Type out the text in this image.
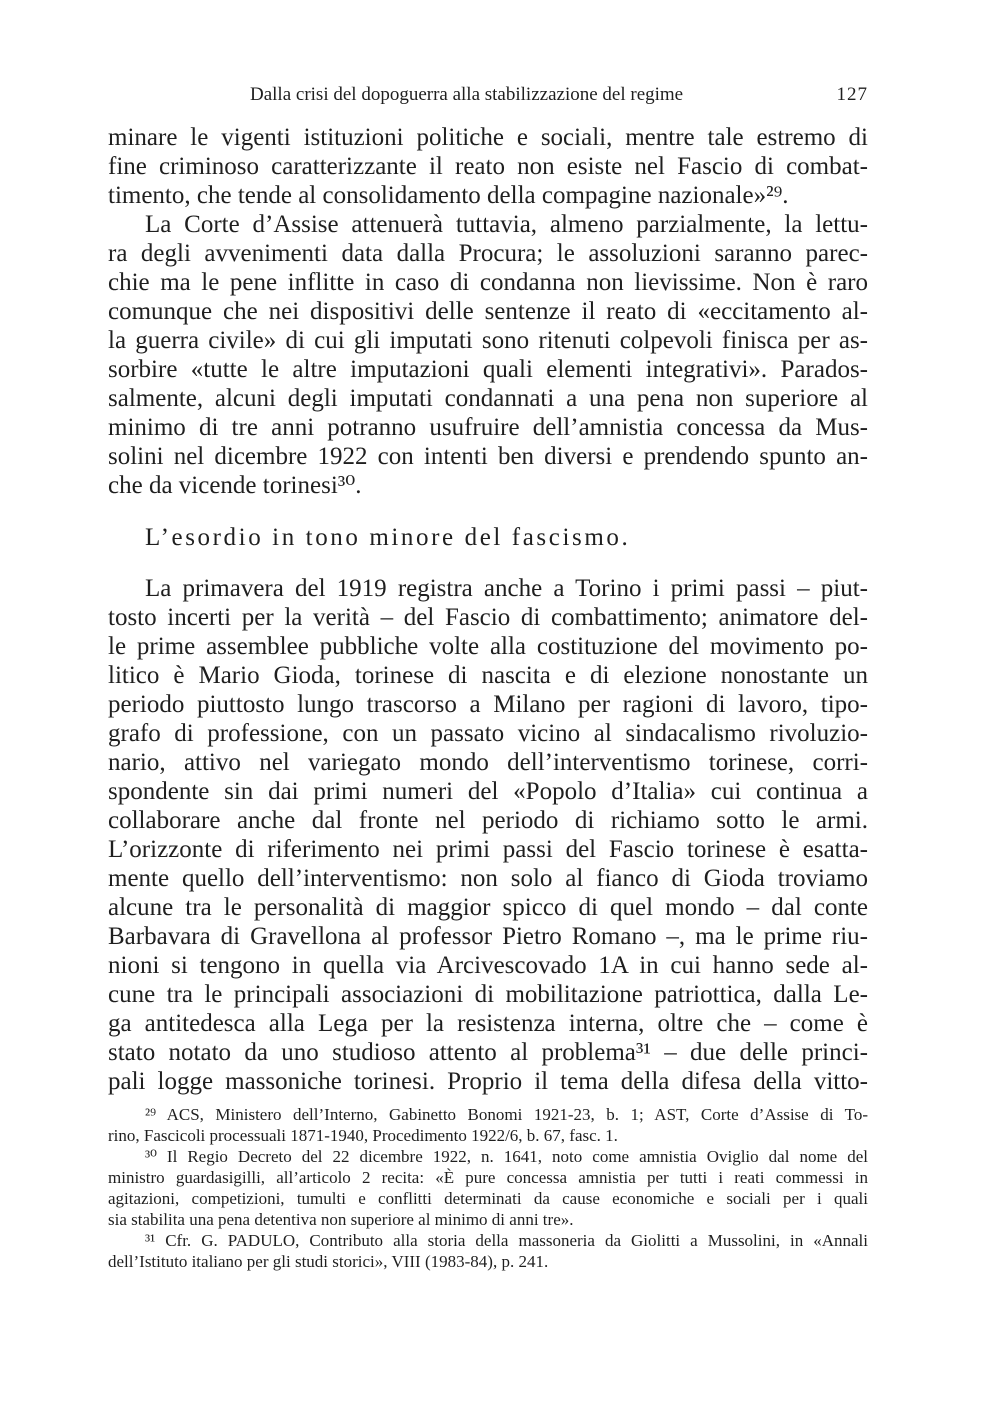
Dalla crisi del dopoguerra alla stabilizzazione del regime	127
minare le vigenti istituzioni politiche e sociali, mentre tale estremo di
fine criminoso caratterizzante il reato non esiste nel Fascio di combat-
timento, che tende al consolidamento della compagine nazionale»²⁹.
La Corte d’Assise attenuerà tuttavia, almeno parzialmente, la lettu-
ra degli avvenimenti data dalla Procura; le assoluzioni saranno parec-
chie ma le pene inflitte in caso di condanna non lievissime. Non è raro
comunque che nei dispositivi delle sentenze il reato di «eccitamento al-
la guerra civile» di cui gli imputati sono ritenuti colpevoli finisca per as-
sorbire «tutte le altre imputazioni quali elementi integrativi». Parados-
salmente, alcuni degli imputati condannati a una pena non superiore al
minimo di tre anni potranno usufruire dell’amnistia concessa da Mus-
solini nel dicembre 1922 con intenti ben diversi e prendendo spunto an-
che da vicende torinesi³⁰.
L’esordio in tono minore del fascismo.
La primavera del 1919 registra anche a Torino i primi passi – piut-
tosto incerti per la verità – del Fascio di combattimento; animatore del-
le prime assemblee pubbliche volte alla costituzione del movimento po-
litico è Mario Gioda, torinese di nascita e di elezione nonostante un
periodo piuttosto lungo trascorso a Milano per ragioni di lavoro, tipo-
grafo di professione, con un passato vicino al sindacalismo rivoluzio-
nario, attivo nel variegato mondo dell’interventismo torinese, corri-
spondente sin dai primi numeri del «Popolo d’Italia» cui continua a
collaborare anche dal fronte nel periodo di richiamo sotto le armi.
L’orizzonte di riferimento nei primi passi del Fascio torinese è esatta-
mente quello dell’interventismo: non solo al fianco di Gioda troviamo
alcune tra le personalità di maggior spicco di quel mondo – dal conte
Barbavara di Gravellona al professor Pietro Romano –, ma le prime riu-
nioni si tengono in quella via Arcivescovado 1A in cui hanno sede al-
cune tra le principali associazioni di mobilitazione patriottica, dalla Le-
ga antitedesca alla Lega per la resistenza interna, oltre che – come è
stato notato da uno studioso attento al problema³¹ – due delle princi-
pali logge massoniche torinesi. Proprio il tema della difesa della vitto-
²⁹ ACS, Ministero dell’Interno, Gabinetto Bonomi 1921-23, b. 1; AST, Corte d’Assise di To-
rino, Fascicoli processuali 1871-1940, Procedimento 1922/6, b. 67, fasc. 1.
³⁰ Il Regio Decreto del 22 dicembre 1922, n. 1641, noto come amnistia Oviglio dal nome del
ministro guardasigilli, all’articolo 2 recita: «È pure concessa amnistia per tutti i reati commessi in
agitazioni, competizioni, tumulti e conflitti determinati da cause economiche e sociali per i quali
sia stabilita una pena detentiva non superiore al minimo di anni tre».
³¹ Cfr. G. PADULO, Contributo alla storia della massoneria da Giolitti a Mussolini, in «Annali
dell’Istituto italiano per gli studi storici», VIII (1983-84), p. 241.
